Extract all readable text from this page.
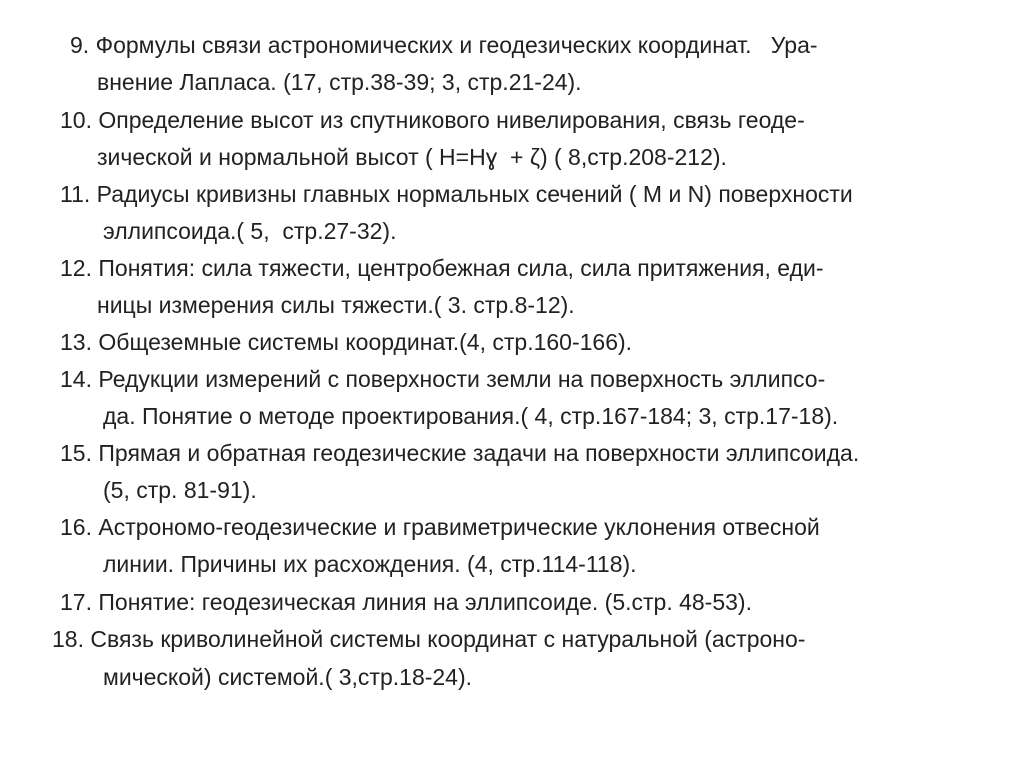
9. Формулы связи астрономических и геодезических координат.   Ура-
внение Лапласа. (17, стр.38-39; 3, стр.21-24).
10. Определение высот из спутникового нивелирования, связь геоде-
зической и нормальной высот ( H=Hɣ  + ζ) ( 8,стр.208-212).
11. Радиусы кривизны главных нормальных сечений ( M и N) поверхности
эллипсоида.( 5,  стр.27-32).
12. Понятия: сила тяжести, центробежная сила, сила притяжения, еди-
ницы измерения силы тяжести.( 3. стр.8-12).
13. Общеземные системы координат.(4, стр.160-166).
14. Редукции измерений с поверхности земли на поверхность эллипсо-
да. Понятие о методе проектирования.( 4, стр.167-184; 3, стр.17-18).
15. Прямая и обратная геодезические задачи на поверхности эллипсоида.
(5, стр. 81-91).
16. Астрономо-геодезические и гравиметрические уклонения отвесной
линии. Причины их расхождения. (4, стр.114-118).
17. Понятие: геодезическая линия на эллипсоиде. (5.стр. 48-53).
18. Связь криволинейной системы координат с натуральной (астроно-
мической) системой.( 3,стр.18-24).
